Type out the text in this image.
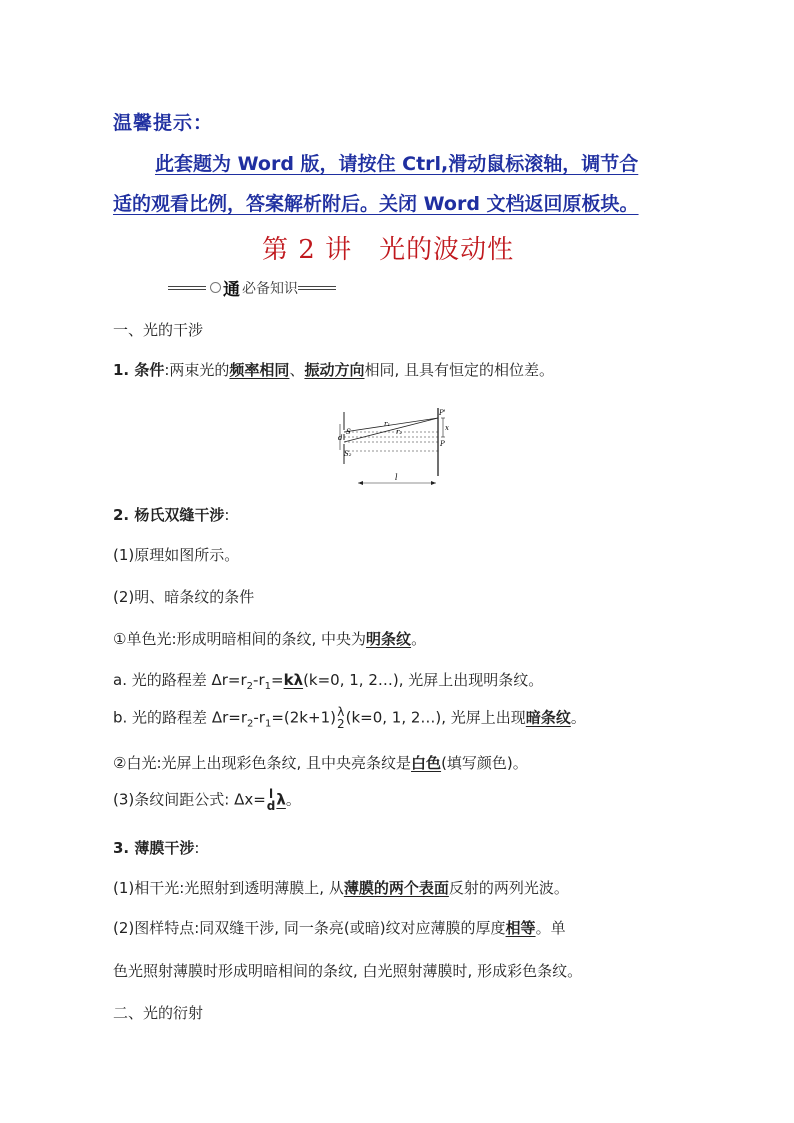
温馨提示：
此套题为 Word 版，请按住 Ctrl,滑动鼠标滚轴，调节合
适的观看比例，答案解析附后。关闭 Word 文档返回原板块。
第 2 讲　光的波动性
通 必备知识
一、光的干涉
1. 条件:两束光的频率相同、振动方向相同, 且具有恒定的相位差。
S
d
S₂
r₁
r₂
P'
P
x
l
2. 杨氏双缝干涉:
(1)原理如图所示。
(2)明、暗条纹的条件
①单色光:形成明暗相间的条纹, 中央为明条纹。
a. 光的路程差 $\Delta r=r_2-r_1=k\lambda(k=0$, 1, 2…), 光屏上出现明条纹。
b. 光的路程差 $\Delta r=r_2-r_1=(2k+1)$ λ
2 (k=0, 1, 2…), 光屏上出现暗条纹。
②白光:光屏上出现彩色条纹, 且中央亮条纹是白色(填写颜色)。
(3)条纹间距公式: Δx= l
d λ。
3. 薄膜干涉:
(1)相干光:光照射到透明薄膜上, 从薄膜的两个表面反射的两列光波。
(2)图样特点:同双缝干涉, 同一条亮(或暗)纹对应薄膜的厚度相等。单
色光照射薄膜时形成明暗相间的条纹, 白光照射薄膜时, 形成彩色条纹。
二、光的衍射
